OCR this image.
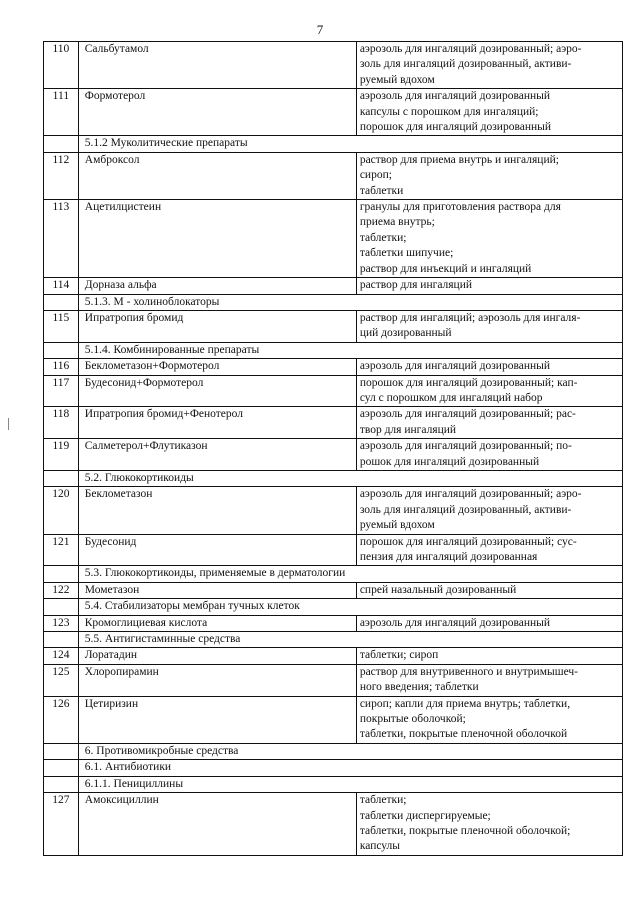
7
110	Сальбутамол	аэрозоль для ингаляций дозированный; аэро-
золь для ингаляций дозированный, активи-
руемый вдохом
111	Формотерол	аэрозоль для ингаляций дозированный
капсулы с порошком для ингаляций;
порошок для ингаляций дозированный
	5.1.2 Муколитические препараты	
112	Амброксол	раствор для приема внутрь и ингаляций;
сироп;
таблетки
113	Ацетилцистеин	гранулы для приготовления раствора для
приема внутрь;
таблетки;
таблетки шипучие;
раствор для инъекций и ингаляций
114	Дорназа альфа	раствор для ингаляций
	5.1.3. М - холиноблокаторы	
115	Ипратропия бромид	раствор для ингаляций; аэрозоль для ингаля-
ций дозированный
	5.1.4. Комбинированные препараты	
116	Беклометазон+Формотерол	аэрозоль для ингаляций дозированный
117	Будесонид+Формотерол	порошок для ингаляций дозированный; кап-
сул с порошком для ингаляций набор
118	Ипратропия бромид+Фенотерол	аэрозоль для ингаляций дозированный; рас-
твор для ингаляций
119	Салметерол+Флутиказон	аэрозоль для ингаляций дозированный; по-
рошок для ингаляций дозированный
	5.2. Глюкокортикоиды	
120	Беклометазон	аэрозоль для ингаляций дозированный; аэро-
золь для ингаляций дозированный, активи-
руемый вдохом
121	Будесонид	порошок для ингаляций дозированный; сус-
пензия для ингаляций дозированная
	5.3. Глюкокортикоиды, применяемые в дерматологии	
122	Мометазон	спрей назальный дозированный
	5.4. Стабилизаторы мембран тучных клеток	
123	Кромоглициевая кислота	аэрозоль для ингаляций дозированный
	5.5. Антигистаминные средства	
124	Лоратадин	таблетки; сироп
125	Хлоропирамин	раствор для внутривенного и внутримышеч-
ного введения; таблетки
126	Цетиризин	сироп; капли для приема внутрь; таблетки,
покрытые оболочкой;
таблетки, покрытые пленочной оболочкой
	6. Противомикробные средства	
	6.1. Антибиотики	
	6.1.1. Пенициллины	
127	Амоксициллин	таблетки;
таблетки диспергируемые;
таблетки, покрытые пленочной оболочкой;
капсулы
